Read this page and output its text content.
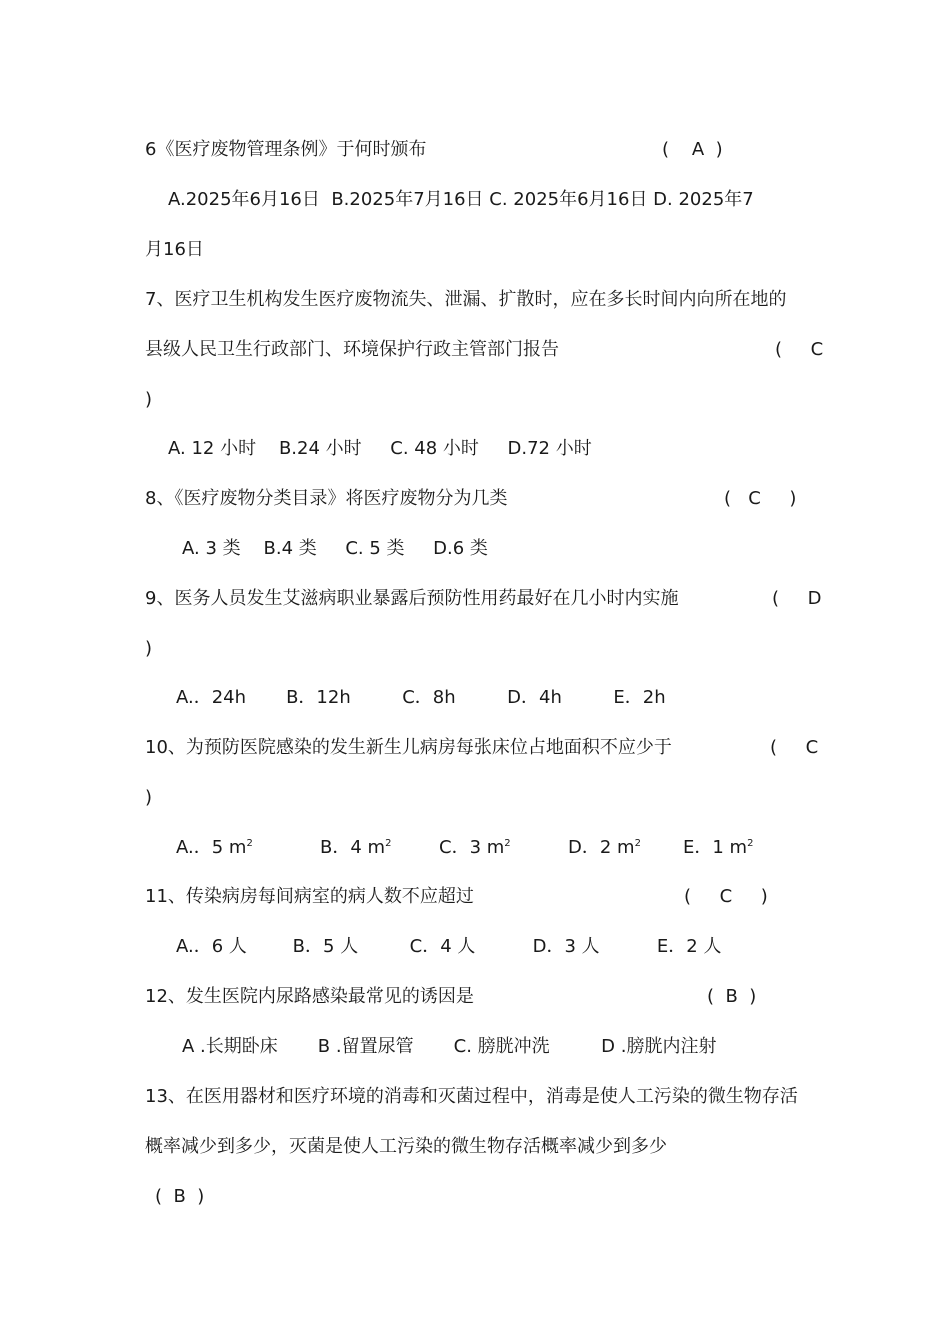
6《医疗废物管理条例》于何时颁布	(    A  )
A.2025年6月16日  B.2025年7月16日 C. 2025年6月16日 D. 2025年7
月16日
7、医疗卫生机构发生医疗废物流失、泄漏、扩散时，应在多长时间内向所在地的
县级人民卫生行政部门、环境保护行政主管部门报告	(     C
)
A. 12 小时    B.24 小时     C. 48 小时     D.72 小时
8、《医疗废物分类目录》将医疗废物分为几类	(   C     )
A. 3 类    B.4 类     C. 5 类     D.6 类
9、医务人员发生艾滋病职业暴露后预防性用药最好在几小时内实施	(     D
)
A.．24h       B．12h         C．8h         D．4h         E．2h
10、为预防医院感染的发生新生儿病房每张床位占地面积不应少于	(     C
)
A.．5 $m^2$	B．4 $m^2$	C．3 $m^2$	D．2 $m^2$ E．1 $m^2$
11、传染病房每间病室的病人数不应超过	(     C     )
A.．6 人        B．5 人         C．4 人          D．3 人          E．2 人
12、发生医院内尿路感染最常见的诱因是	(  B  )
A .长期卧床       B .留置尿管       C. 膀胱冲洗         D .膀胱内注射
13、在医用器材和医疗环境的消毒和灭菌过程中，消毒是使人工污染的微生物存活
概率减少到多少，灭菌是使人工污染的微生物存活概率减少到多少
(  B  )
